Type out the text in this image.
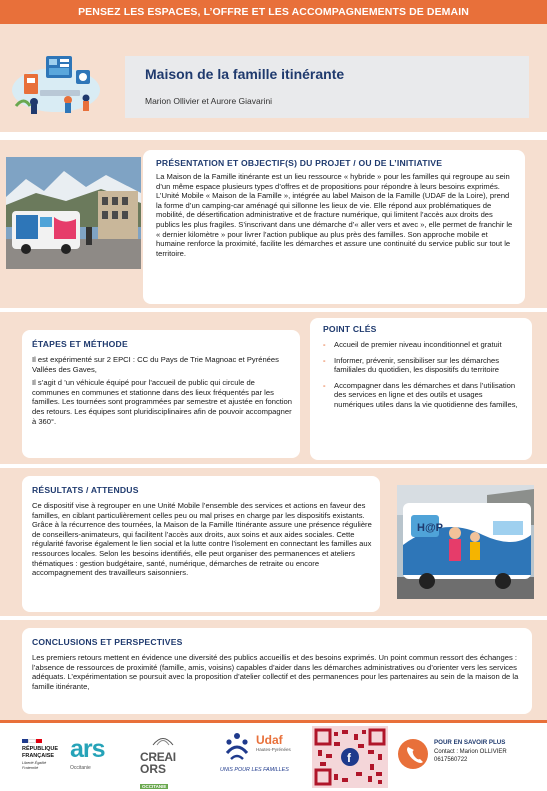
PENSEZ LES ESPACES, L’OFFRE ET LES ACCOMPAGNEMENTS DE DEMAIN
Maison de la famille itinérante
Marion Ollivier et Aurore Giavarini
PRÉSENTATION ET OBJECTIF(S) DU PROJET / OU DE L’INITIATIVE

La Maison de la Famille itinérante est un lieu ressource « hybride » pour les familles qui regroupe au sein d’un même espace plusieurs types d’offres et de propositions pour répondre à leurs besoins exprimés.

L’Unité Mobile « Maison de la Famille », intégrée au label Maison de la Famille (UDAF de la Loire), prend la forme d’un camping-car aménagé qui sillonne les lieux de vie. Elle répond aux problématiques de mobilité, de désertification administrative et de fracture numérique, qui limitent l’accès aux droits des publics les plus fragiles. S’inscrivant dans une démarche d’« aller vers et avec », elle permet de franchir le « dernier kilomètre » pour livrer l’action publique au plus près des familles. Son approche mobile et humaine renforce la proximité, facilite les démarches et assure une continuité du service public sur tout le territoire.

ÉTAPES ET MÉTHODE

Il est expérimenté sur 2 EPCI : CC du Pays de Trie Magnoac et Pyrénées Vallées des Gaves,

Il s’agit d ’un véhicule équipé pour l’accueil de public qui circule de communes en communes et stationne dans des lieux fréquentés par les familles. Les tournées sont programmées par semestre et ajustée en fonction des retours. Les équipes sont pluridisciplinaires afin de pouvoir accompagner à 360°.

POINT CLÉS
- Accueil de premier niveau inconditionnel et gratuit
- Informer, prévenir, sensibiliser sur les démarches familiales du quotidien, les dispositifs du territoire
- Accompagner dans les démarches et dans l’utilisation des services en ligne et des outils et usages numériques utiles dans la vie quotidienne des familles,
RÉSULTATS / ATTENDUS

Ce dispositif vise à regrouper en une Unité Mobile l’ensemble des services et actions en faveur des familles, en ciblant particulièrement celles peu ou mal prises en charge par les dispositifs existants. Grâce à la récurrence des tournées, la Maison de la Famille Itinérante assure une présence régulière de conseillers-animateurs, qui facilitent l’accès aux droits, aux soins et aux aides sociales. Cette régularité favorise également le lien social et la lutte contre l’isolement en connectant les familles aux ressources locales. Selon les besoins identifiés, elle peut organiser des permanences et ateliers thématiques : gestion budgétaire, santé, numérique, démarches de retraite ou encore accompagnement des travailleurs saisonniers.

H@P
CONCLUSIONS ET PERSPECTIVES

Les premiers retours mettent en évidence une diversité des publics accueillis et des besoins exprimés. Un point commun ressort des échanges : l’absence de ressources de proximité (famille, amis, voisins) capables d’aider dans les démarches administratives ou d’orienter vers les services adéquats. L’expérimentation se poursuit avec la proposition d’atelier collectif et des permanences pour les partenaires au sein de la maison de la famille itinérante,

RÉPUBLIQUE
FRANÇAISE
Liberté Égalité Fraternité
ars
Occitanie
CREAI
ORS
OCCITANIE
Udaf
Hautes-Pyrénées
UNIS POUR LES FAMILLES
f
POUR EN SAVOIR PLUS
Contact : Marion OLLIVIER
0617560722
